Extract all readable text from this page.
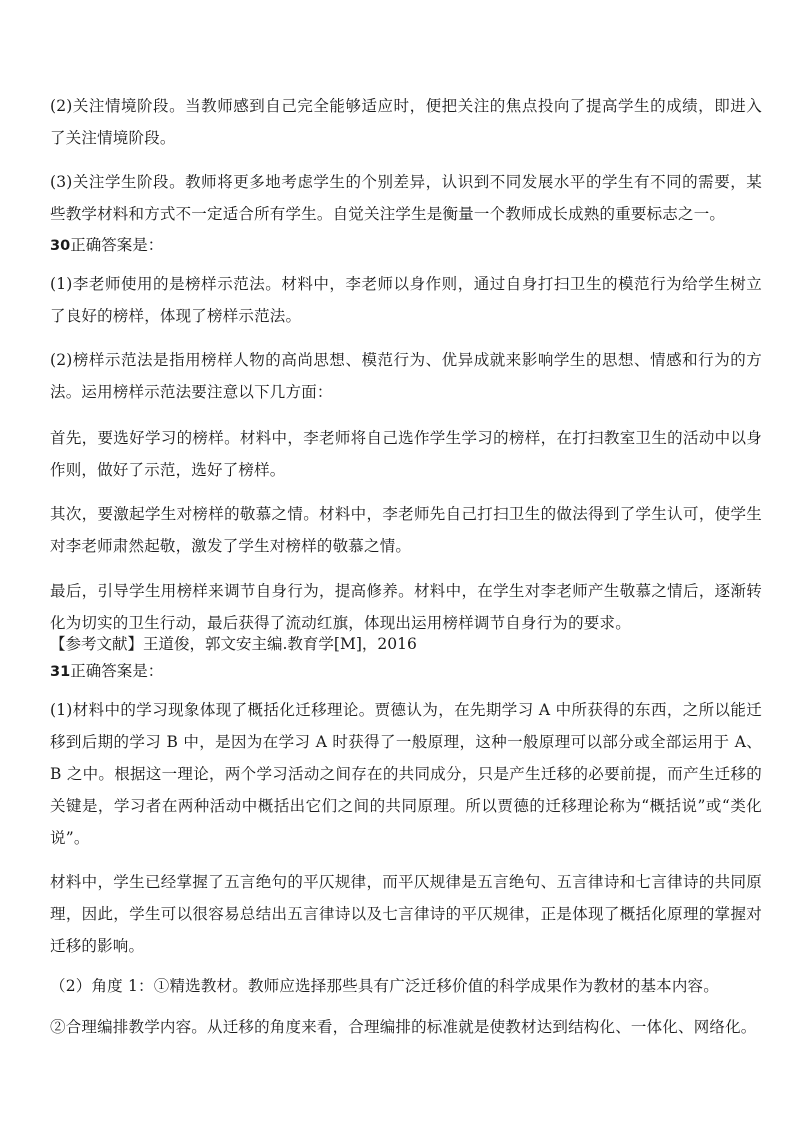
(2)关注情境阶段。当教师感到自己完全能够适应时，便把关注的焦点投向了提高学生的成绩，即进入了关注情境阶段。

(3)关注学生阶段。教师将更多地考虑学生的个别差异，认识到不同发展水平的学生有不同的需要，某些教学材料和方式不一定适合所有学生。自觉关注学生是衡量一个教师成长成熟的重要标志之一。

30正确答案是：

(1)李老师使用的是榜样示范法。材料中，李老师以身作则，通过自身打扫卫生的模范行为给学生树立了良好的榜样，体现了榜样示范法。

(2)榜样示范法是指用榜样人物的高尚思想、模范行为、优异成就来影响学生的思想、情感和行为的方法。运用榜样示范法要注意以下几方面：

首先，要选好学习的榜样。材料中，李老师将自己选作学生学习的榜样，在打扫教室卫生的活动中以身作则，做好了示范，选好了榜样。

其次，要激起学生对榜样的敬慕之情。材料中，李老师先自己打扫卫生的做法得到了学生认可，使学生对李老师肃然起敬，激发了学生对榜样的敬慕之情。

最后，引导学生用榜样来调节自身行为，提高修养。材料中，在学生对李老师产生敬慕之情后，逐渐转化为切实的卫生行动，最后获得了流动红旗，体现出运用榜样调节自身行为的要求。

【参考文献】王道俊，郭文安主编.教育学[M]，2016

31正确答案是：

(1)材料中的学习现象体现了概括化迁移理论。贾德认为，在先期学习 A 中所获得的东西，之所以能迁移到后期的学习 B 中，是因为在学习 A 时获得了一般原理，这种一般原理可以部分或全部运用于 A、B 之中。根据这一理论，两个学习活动之间存在的共同成分，只是产生迁移的必要前提，而产生迁移的关键是，学习者在两种活动中概括出它们之间的共同原理。所以贾德的迁移理论称为“概括说”或“类化说”。

材料中，学生已经掌握了五言绝句的平仄规律，而平仄规律是五言绝句、五言律诗和七言律诗的共同原理，因此，学生可以很容易总结出五言律诗以及七言律诗的平仄规律，正是体现了概括化原理的掌握对迁移的影响。

（2）角度 1：①精选教材。教师应选择那些具有广泛迁移价值的科学成果作为教材的基本内容。

②合理编排教学内容。从迁移的角度来看，合理编排的标准就是使教材达到结构化、一体化、网络化。
